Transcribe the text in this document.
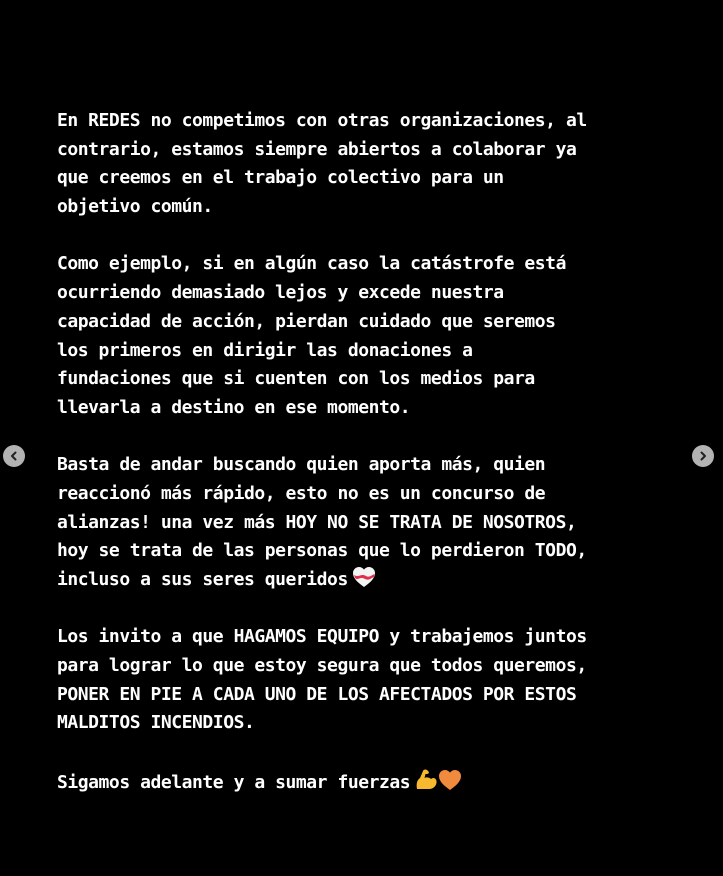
En REDES no competimos con otras organizaciones, al
contrario, estamos siempre abiertos a colaborar ya
que creemos en el trabajo colectivo para un
objetivo común.

Como ejemplo, si en algún caso la catástrofe está
ocurriendo demasiado lejos y excede nuestra
capacidad de acción, pierdan cuidado que seremos
los primeros en dirigir las donaciones a
fundaciones que si cuenten con los medios para
llevarla a destino en ese momento.

Basta de andar buscando quien aporta más, quien
reaccionó más rápido, esto no es un concurso de
alianzas! una vez más HOY NO SE TRATA DE NOSOTROS,
hoy se trata de las personas que lo perdieron TODO,
incluso a sus seres queridos

Los invito a que HAGAMOS EQUIPO y trabajemos juntos
para lograr lo que estoy segura que todos queremos,
PONER EN PIE A CADA UNO DE LOS AFECTADOS POR ESTOS
MALDITOS INCENDIOS.

Sigamos adelante y a sumar fuerzas
